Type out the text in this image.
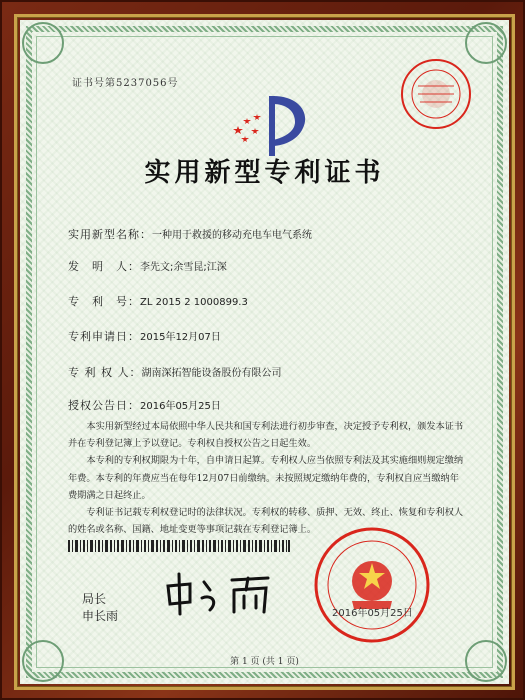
证书号第5237056号
实用新型专利证书
实用新型名称：一种用于救援的移动充电车电气系统
发　明　人：李先文;余雪昆;江深
专　利　号：ZL 2015 2 1000899.3
专利申请日：2015年12月07日
专 利 权 人：湖南深拓智能设备股份有限公司
授权公告日：2016年05月25日

本实用新型经过本局依照中华人民共和国专利法进行初步审查，决定授予专利权，颁发本证书并在专利登记簿上予以登记。专利权自授权公告之日起生效。

本专利的专利权期限为十年，自申请日起算。专利权人应当依照专利法及其实施细则规定缴纳年费。本专利的年费应当在每年12月07日前缴纳。未按照规定缴纳年费的，专利权自应当缴纳年费期满之日起终止。

专利证书记载专利权登记时的法律状况。专利权的转移、质押、无效、终止、恢复和专利权人的姓名或名称、国籍、地址变更等事项记载在专利登记簿上。

局长
申长雨	2016年05月25日
第 1 页 (共 1 页)
